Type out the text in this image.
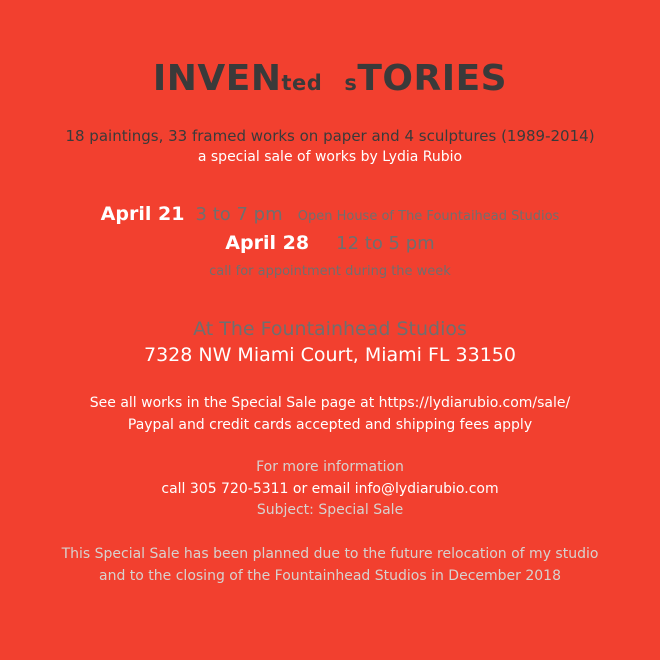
INVENted sTORIES
18 paintings, 33 framed works on paper and 4 sculptures (1989-2014)
a special sale of works by Lydia Rubio
April 21 3 to 7 pm Open House of The Fountaihead Studios
April 28 12 to 5 pm
call for appointment during the week
At The Fountainhead Studios
7328 NW Miami Court, Miami FL 33150
See all works in the Special Sale page at https://lydiarubio.com/sale/
Paypal and credit cards accepted and shipping fees apply
For more information
call 305 720-5311 or email info@lydiarubio.com
Subject: Special Sale
This Special Sale has been planned due to the future relocation of my studio
and to the closing of the Fountainhead Studios in December 2018
